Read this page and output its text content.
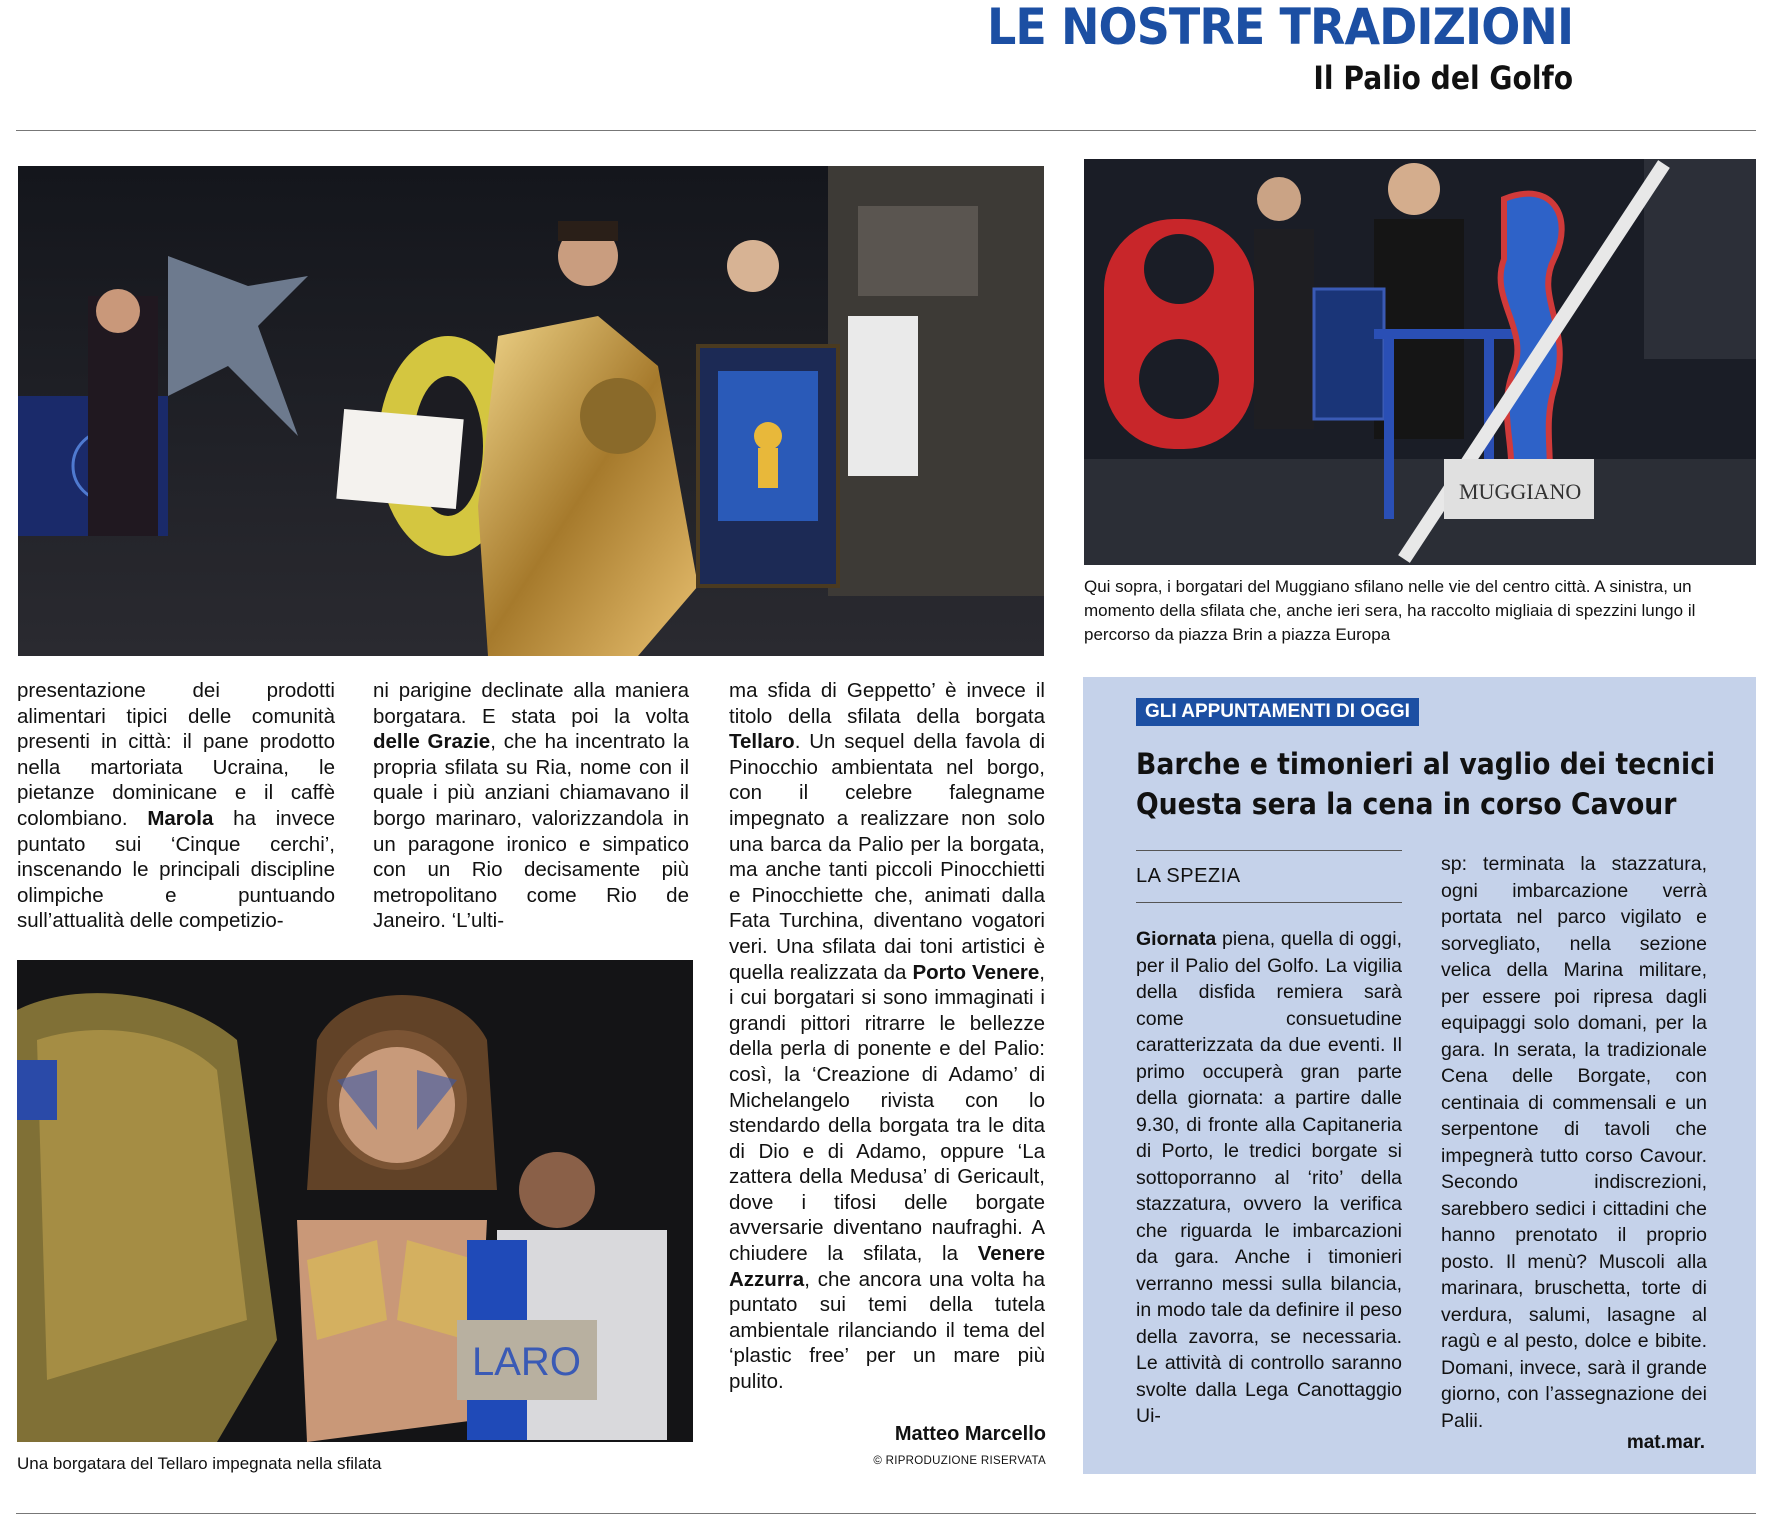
LE NOSTRE TRADIZIONI
Il Palio del Golfo
MUGGIANO
Qui sopra, i borgatari del Muggiano sfilano nelle vie del centro città. A sinistra, un momento della sfilata che, anche ieri sera, ha raccolto migliaia di spezzini lungo il percorso da piazza Brin a piazza Europa

presentazione dei prodotti alimentari tipici delle comunità presenti in città: il pane prodotto nella martoriata Ucraina, le pietanze dominicane e il caffè colombiano. Marola ha invece puntato sui ‘Cinque cerchi’, inscenando le principali discipline olimpiche e puntuando sull’attualità delle competizio-

ni parigine declinate alla maniera borgatara. E stata poi la volta delle Grazie, che ha incentrato la propria sfilata su Ria, nome con il quale i più anziani chiamavano il borgo marinaro, valorizzandola in un paragone ironico e simpatico con un Rio decisamente più metropolitano come Rio de Janeiro. ‘L’ulti-

ma sfida di Geppetto’ è invece il titolo della sfilata della borgata Tellaro. Un sequel della favola di Pinocchio ambientata nel borgo, con il celebre falegname impegnato a realizzare non solo una barca da Palio per la borgata, ma anche tanti piccoli Pinocchietti e Pinocchiette che, animati dalla Fata Turchina, diventano vogatori veri. Una sfilata dai toni artistici è quella realizzata da Porto Venere, i cui borgatari si sono immaginati i grandi pittori ritrarre le bellezze della perla di ponente e del Palio: così, la ‘Creazione di Adamo’ di Michelangelo rivista con lo stendardo della borgata tra le dita di Dio e di Adamo, oppure ‘La zattera della Medusa’ di Gericault, dove i tifosi delle borgate avversarie diventano naufraghi. A chiudere la sfilata, la Venere Azzurra, che ancora una volta ha puntato sui temi della tutela ambientale rilanciando il tema del ‘plastic free’ per un mare più pulito.

Matteo Marcello
© RIPRODUZIONE RISERVATA
LARO
Una borgatara del Tellaro impegnata nella sfilata
GLI APPUNTAMENTI DI OGGI
Barche e timonieri al vaglio dei tecnici
Questa sera la cena in corso Cavour
LA SPEZIA

Giornata piena, quella di oggi, per il Palio del Golfo. La vigilia della disfida remiera sarà come consuetudine caratterizzata da due eventi. Il primo occuperà gran parte della giornata: a partire dalle 9.30, di fronte alla Capitaneria di Porto, le tredici borgate si sottoporranno al ‘rito’ della stazzatura, ovvero la verifica che riguarda le imbarcazioni da gara. Anche i timonieri verranno messi sulla bilancia, in modo tale da definire il peso della zavorra, se necessaria. Le attività di controllo saranno svolte dalla Lega Canottaggio Ui-

sp: terminata la stazzatura, ogni imbarcazione verrà portata nel parco vigilato e sorvegliato, nella sezione velica della Marina militare, per essere poi ripresa dagli equipaggi solo domani, per la gara. In serata, la tradizionale Cena delle Borgate, con centinaia di commensali e un serpentone di tavoli che impegnerà tutto corso Cavour. Secondo indiscrezioni, sarebbero sedici i cittadini che hanno prenotato il proprio posto. Il menù? Muscoli alla marinara, bruschetta, torte di verdura, salumi, lasagne al ragù e al pesto, dolce e bibite. Domani, invece, sarà il grande giorno, con l’assegnazione dei Palii.

mat.mar.
